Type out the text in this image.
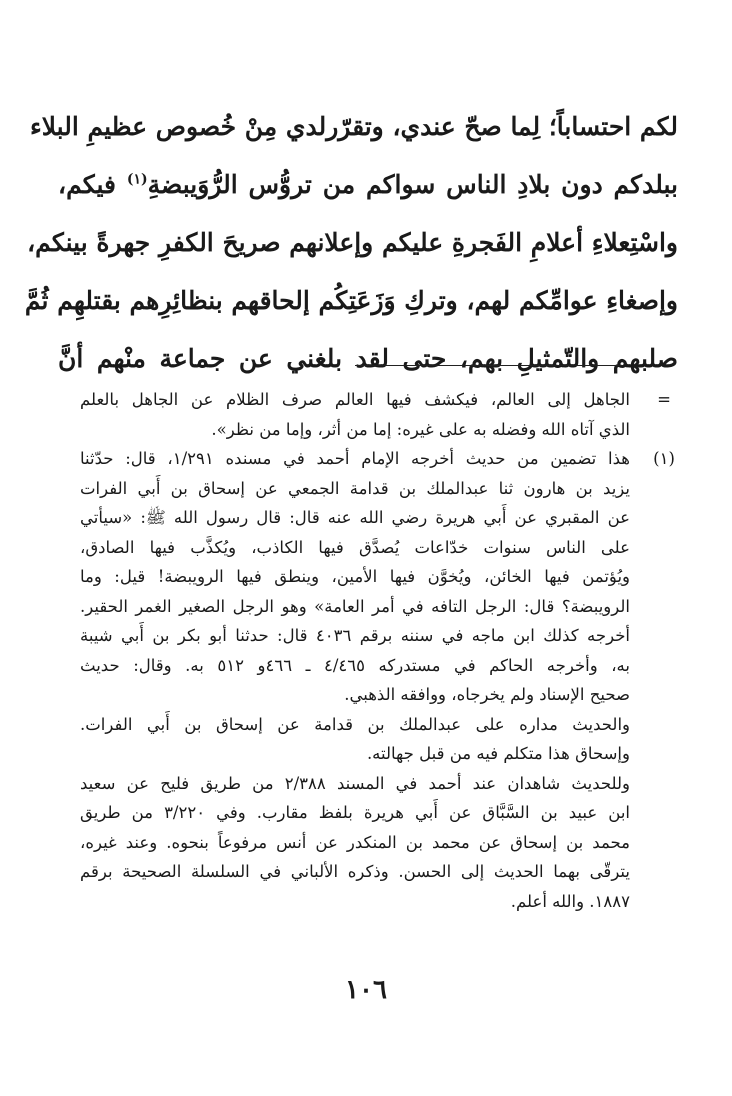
لكم احتساباً؛ لِما صحّ عندي، وتقرّرلدي مِنْ خُصوص عظيمِ البلاء
ببلدكم دون بلادِ الناس سواكم من تروُّس الرُّوَيبضةِ$^{(١)}$ فيكم،
واسْتِعلاءِ أعلامِ الفَجرةِ عليكم وإعلانهم صريحَ الكفرِ جهرةً بينكم،
وإصغاءِ عوامِّكم لهم، وتركِ وَزَعَتِكُم إلحاقهم بنظائِرِهم بقتلهِم ثُمَّ
صلبهم والتّمثيلِ بهم، حتى لقد بلغني عن جماعة منْهم أنَّ
=
الجاهل إلى العالم، فيكشف فيها العالم صرف الظلام عن الجاهل بالعلم
الذي آتاه الله وفضله به على غيره: إما من أثر، وإما من نظر».
(١)
هذا تضمين من حديث أخرجه الإمام أحمد في مسنده ١/٢٩١، قال: حدّثنا
يزيد بن هارون ثنا عبدالملك بن قدامة الجمعي عن إسحاق بن أَبي الفرات
عن المقبري عن أَبي هريرة رضي الله عنه قال: قال رسول الله ﷺ: «سيأتي
على الناس سنوات خدّاعات يُصدَّق فيها الكاذب، ويُكذَّب فيها الصادق،
ويُؤتمن فيها الخائن، ويُخوَّن فيها الأمين، وينطق فيها الرويبضة! قيل: وما
الرويبضة؟ قال: الرجل التافه في أمر العامة» وهو الرجل الصغير الغمر الحقير.
أخرجه كذلك ابن ماجه في سننه برقم ٤٠٣٦ قال: حدثنا أبو بكر بن أَبي شيبة
به، وأخرجه الحاكم في مستدركه ٤/٤٦٥ ـ ٤٦٦و ٥١٢ به. وقال: حديث
صحيح الإسناد ولم يخرجاه، ووافقه الذهبي.
والحديث مداره على عبدالملك بن قدامة عن إسحاق بن أَبي الفرات.
وإسحاق هذا متكلم فيه من قبل جهالته.
وللحديث شاهدان عند أحمد في المسند ٢/٣٨٨ من طريق فليح عن سعيد
ابن عبيد بن السَّبَّاق عن أَبي هريرة بلفظ مقارب. وفي ٣/٢٢٠ من طريق
محمد بن إسحاق عن محمد بن المنكدر عن أنس مرفوعاً بنحوه. وعند غيره،
يترقّى بهما الحديث إلى الحسن. وذكره الألباني في السلسلة الصحيحة برقم
١٨٨٧. والله أعلم.
١٠٦
